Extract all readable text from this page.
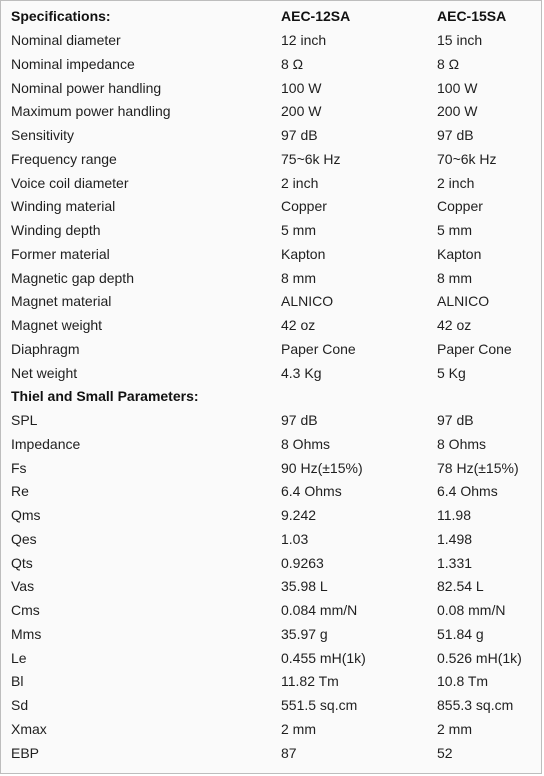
Specifications:	AEC-12SA	AEC-15SA
Nominal diameter	12 inch	15 inch
Nominal impedance	8 Ω	8 Ω
Nominal power handling	100 W	100 W
Maximum power handling	200 W	200 W
Sensitivity	97 dB	97 dB
Frequency range	75~6k Hz	70~6k Hz
Voice coil diameter	2 inch	2 inch
Winding material	Copper	Copper
Winding depth	5 mm	5 mm
Former material	Kapton	Kapton
Magnetic gap depth	8 mm	8 mm
Magnet material	ALNICO	ALNICO
Magnet weight	42 oz	42 oz
Diaphragm	Paper Cone	Paper Cone
Net weight	4.3 Kg	5 Kg
Thiel and Small Parameters:		
SPL	97 dB	97 dB
Impedance	8 Ohms	8 Ohms
Fs	90 Hz(±15%)	78 Hz(±15%)
Re	6.4 Ohms	6.4 Ohms
Qms	9.242	11.98
Qes	1.03	1.498
Qts	0.9263	1.331
Vas	35.98 L	82.54 L
Cms	0.084 mm/N	0.08 mm/N
Mms	35.97 g	51.84 g
Le	0.455 mH(1k)	0.526 mH(1k)
Bl	11.82 Tm	10.8 Tm
Sd	551.5 sq.cm	855.3 sq.cm
Xmax	2 mm	2 mm
EBP	87	52
